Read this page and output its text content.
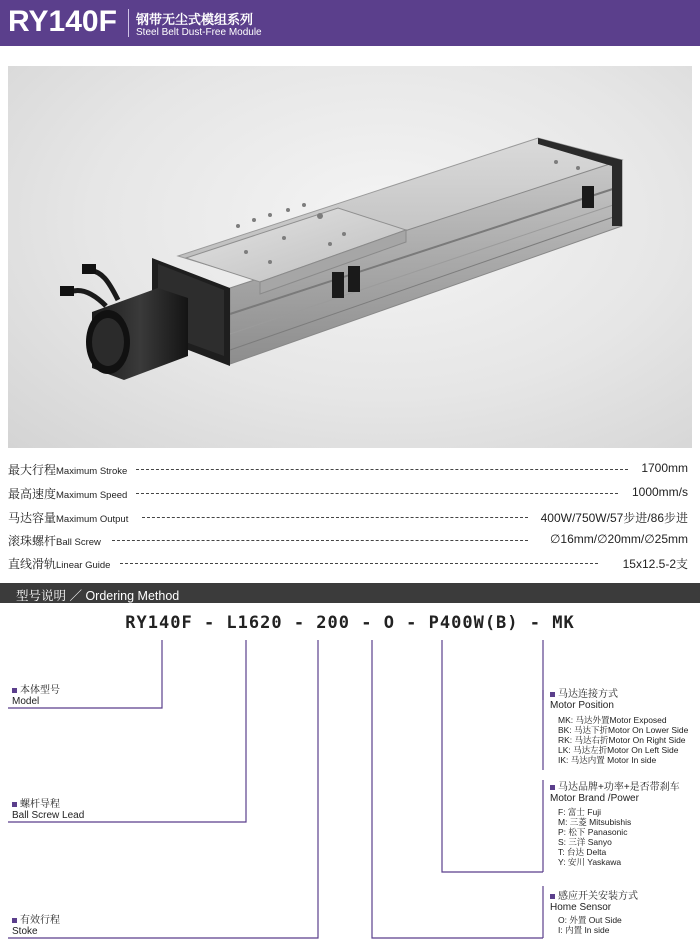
RY140F 钢带无尘式模组系列
Steel Belt Dust-Free Module
最大行程Maximum Stroke	1700mm
最高速度Maximum Speed	1000mm/s
马达容量Maximum Output	400W/750W/57步进/86步进
滚珠螺杆Ball Screw	∅16mm/∅20mm/∅25mm
直线滑轨Linear Guide	15x12.5-2支
型号说明 ／ Ordering Method
RY140F - L1620 - 200 - O - P400W(B) - MK
本体型号
Model
螺杆导程
Ball Screw Lead
有效行程
Stoke
马达连接方式
Motor Position
MK: 马达外置Motor Exposed
BK: 马达下折Motor On Lower Side
RK: 马达右折Motor On Right Side
LK: 马达左折Motor On Left Side
IK: 马达内置 Motor In side
马达品牌+功率+是否带刹车
Motor Brand /Power
F: 富士 Fuji
M: 三菱 Mitsubishis
P: 松下 Panasonic
S: 三洋 Sanyo
T: 台达 Delta
Y: 安川 Yaskawa
感应开关安装方式
Home Sensor
O: 外置 Out Side
I: 内置 In side
